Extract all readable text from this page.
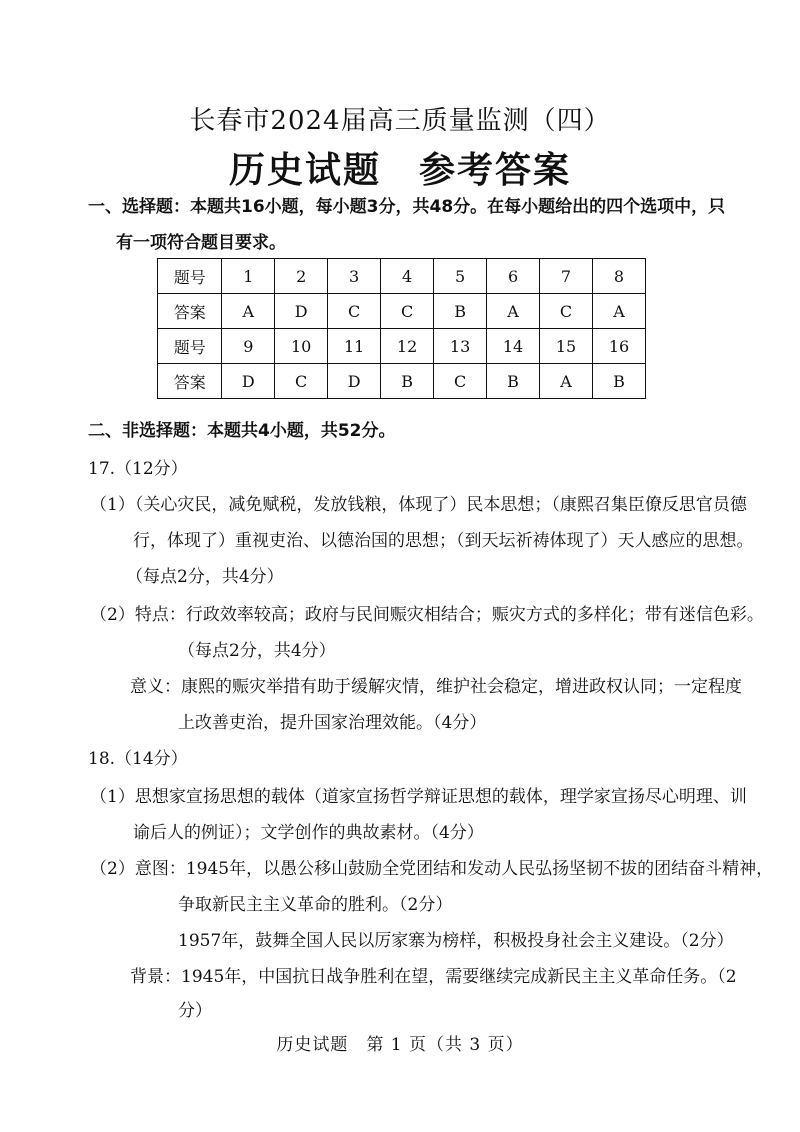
长春市2024届高三质量监测（四）
历史试题　参考答案
一、选择题：本题共16小题，每小题3分，共48分。在每小题给出的四个选项中，只
有一项符合题目要求。
题号	1	2	3	4	5	6	7	8
答案	A	D	C	C	B	A	C	A
题号	9	10	11	12	13	14	15	16
答案	D	C	D	B	C	B	A	B
二、非选择题：本题共4小题，共52分。
17.（12分）
（1）（关心灾民，减免赋税，发放钱粮，体现了）民本思想；（康熙召集臣僚反思官员德
行，体现了）重视吏治、以德治国的思想；（到天坛祈祷体现了）天人感应的思想。
（每点2分，共4分）
（2）特点：行政效率较高；政府与民间赈灾相结合；赈灾方式的多样化；带有迷信色彩。
（每点2分，共4分）
意义：康熙的赈灾举措有助于缓解灾情，维护社会稳定，增进政权认同；一定程度
上改善吏治，提升国家治理效能。（4分）
18.（14分）
（1）思想家宣扬思想的载体（道家宣扬哲学辩证思想的载体，理学家宣扬尽心明理、训
谕后人的例证）；文学创作的典故素材。（4分）
（2）意图：1945年，以愚公移山鼓励全党团结和发动人民弘扬坚韧不拔的团结奋斗精神，
争取新民主主义革命的胜利。（2分）
1957年，鼓舞全国人民以厉家寨为榜样，积极投身社会主义建设。（2分）
背景：1945年，中国抗日战争胜利在望，需要继续完成新民主主义革命任务。（2
分）
历史试题　第 1 页（共 3 页）
